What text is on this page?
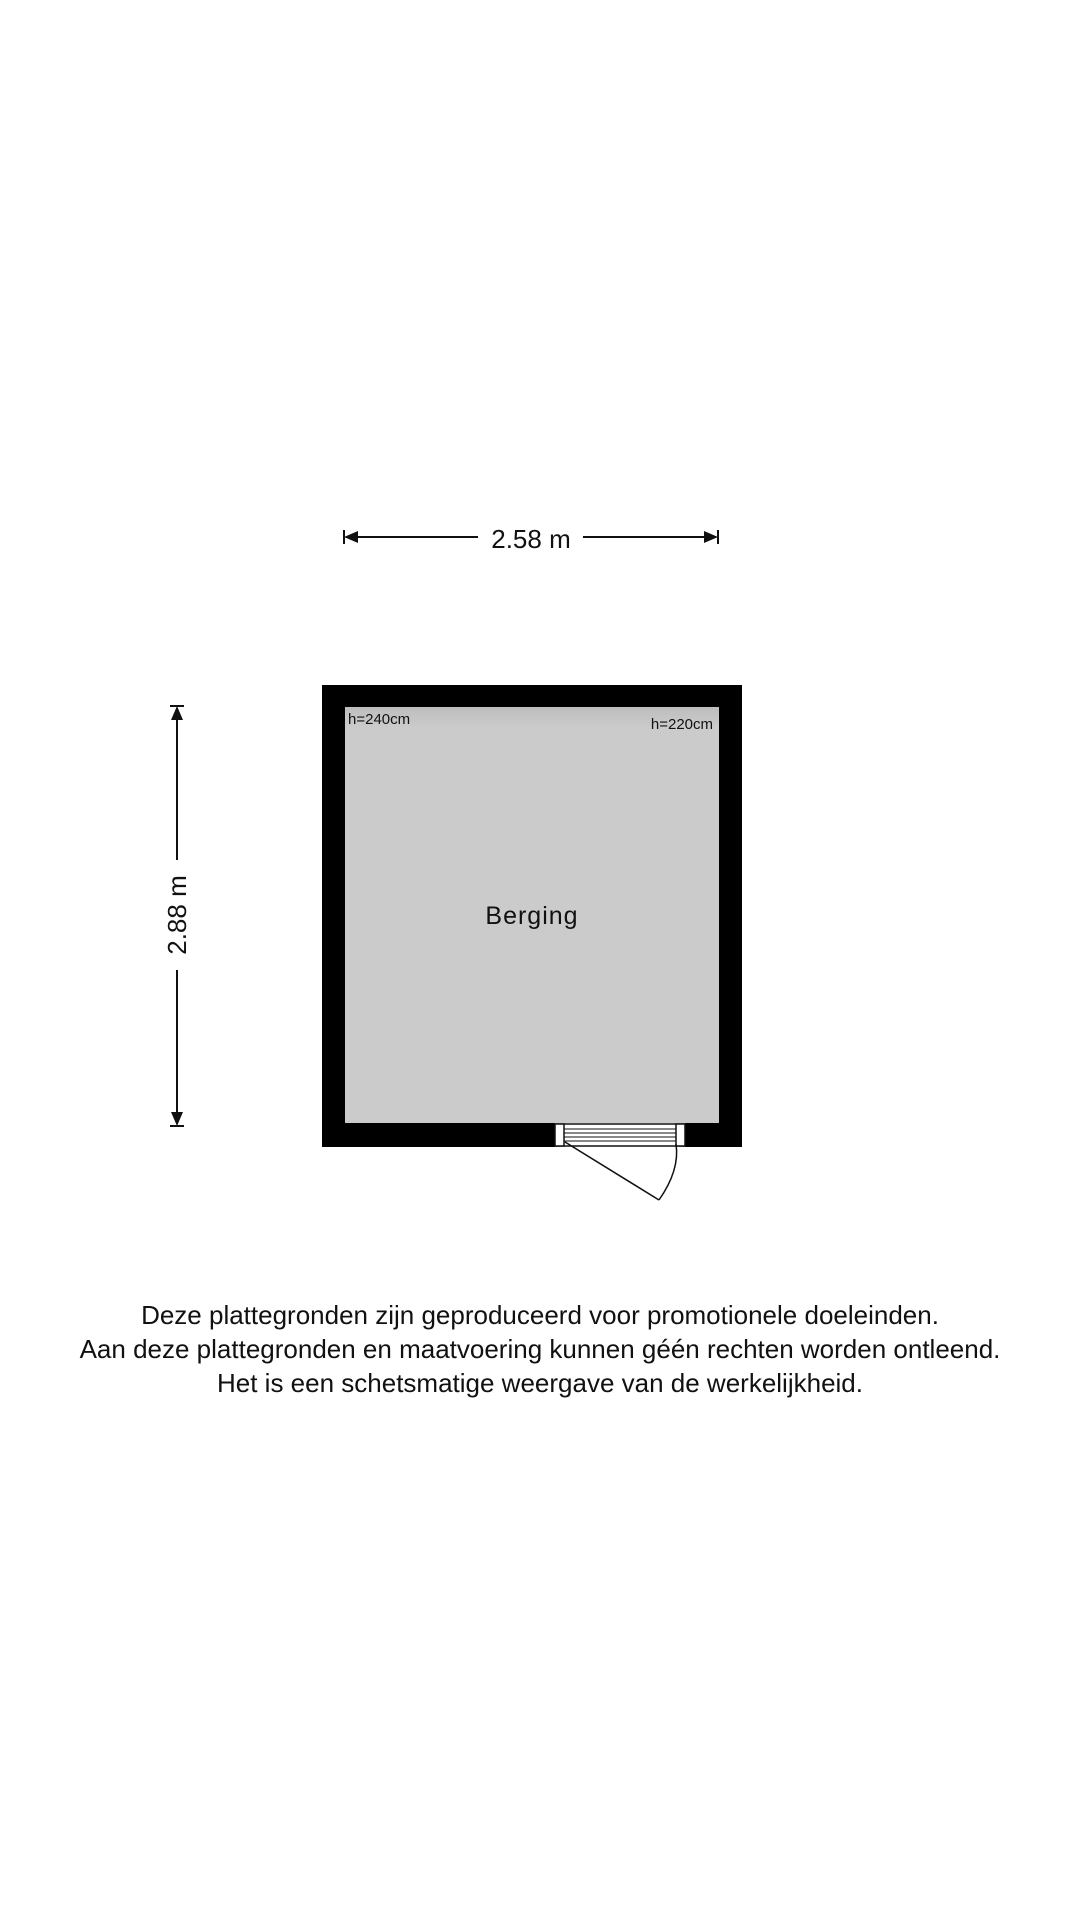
2.58 m
2.88 m
h=240cm	h=220cm
Berging
Deze plattegronden zijn geproduceerd voor promotionele doeleinden.
Aan deze plattegronden en maatvoering kunnen géén rechten worden ontleend.
Het is een schetsmatige weergave van de werkelijkheid.
